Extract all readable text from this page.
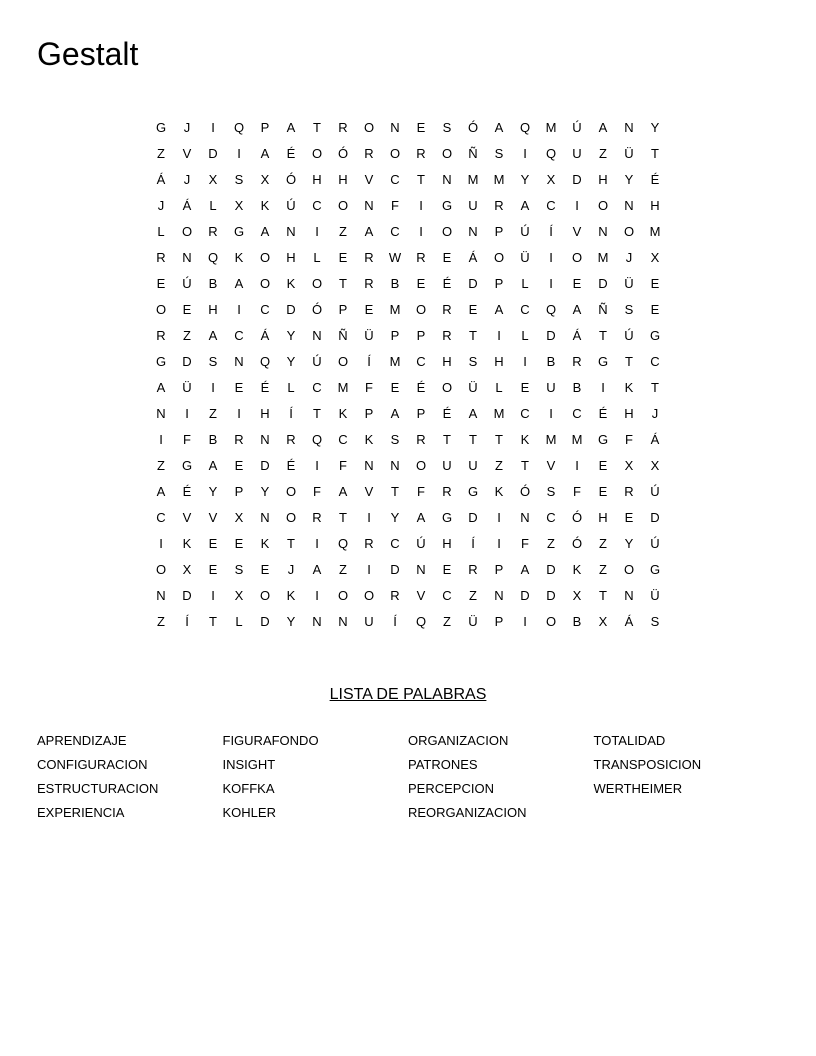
Gestalt
G	J	I	Q	P	A	T	R	O	N	E	S	Ó	A	Q	M	Ú	A	N	Y
Z	V	D	I	A	É	O	Ó	R	O	R	O	Ñ	S	I	Q	U	Z	Ü	T
Á	J	X	S	X	Ó	H	H	V	C	T	N	M	M	Y	X	D	H	Y	É
J	Á	L	X	K	Ú	C	O	N	F	I	G	U	R	A	C	I	O	N	H
L	O	R	G	A	N	I	Z	A	C	I	O	N	P	Ú	Í	V	N	O	M
R	N	Q	K	O	H	L	E	R	W	R	E	Á	O	Ü	I	O	M	J	X
E	Ú	B	A	O	K	O	T	R	B	E	É	D	P	L	I	E	D	Ü	E
O	E	H	I	C	D	Ó	P	E	M	O	R	E	A	C	Q	A	Ñ	S	E
R	Z	A	C	Á	Y	N	Ñ	Ü	P	P	R	T	I	L	D	Á	T	Ú	G
G	D	S	N	Q	Y	Ú	O	Í	M	C	H	S	H	I	B	R	G	T	C
A	Ü	I	E	É	L	C	M	F	E	É	O	Ü	L	E	U	B	I	K	T
N	I	Z	I	H	Í	T	K	P	A	P	É	A	M	C	I	C	É	H	J
I	F	B	R	N	R	Q	C	K	S	R	T	T	T	K	M	M	G	F	Á
Z	G	A	E	D	É	I	F	N	N	O	U	U	Z	T	V	I	E	X	X
A	É	Y	P	Y	O	F	A	V	T	F	R	G	K	Ó	S	F	E	R	Ú
C	V	V	X	N	O	R	T	I	Y	A	G	D	I	N	C	Ó	H	E	D
I	K	E	E	K	T	I	Q	R	C	Ú	H	Í	I	F	Z	Ó	Z	Y	Ú
O	X	E	S	E	J	A	Z	I	D	N	E	R	P	A	D	K	Z	O	G
N	D	I	X	O	K	I	O	O	R	V	C	Z	N	D	D	X	T	N	Ü
Z	Í	T	L	D	Y	N	N	U	Í	Q	Z	Ü	P	I	O	B	X	Á	S
LISTA DE PALABRAS
APRENDIZAJE
CONFIGURACION
ESTRUCTURACION
EXPERIENCIA
FIGURAFONDO
INSIGHT
KOFFKA
KOHLER
ORGANIZACION
PATRONES
PERCEPCION
REORGANIZACION
TOTALIDAD
TRANSPOSICION
WERTHEIMER
